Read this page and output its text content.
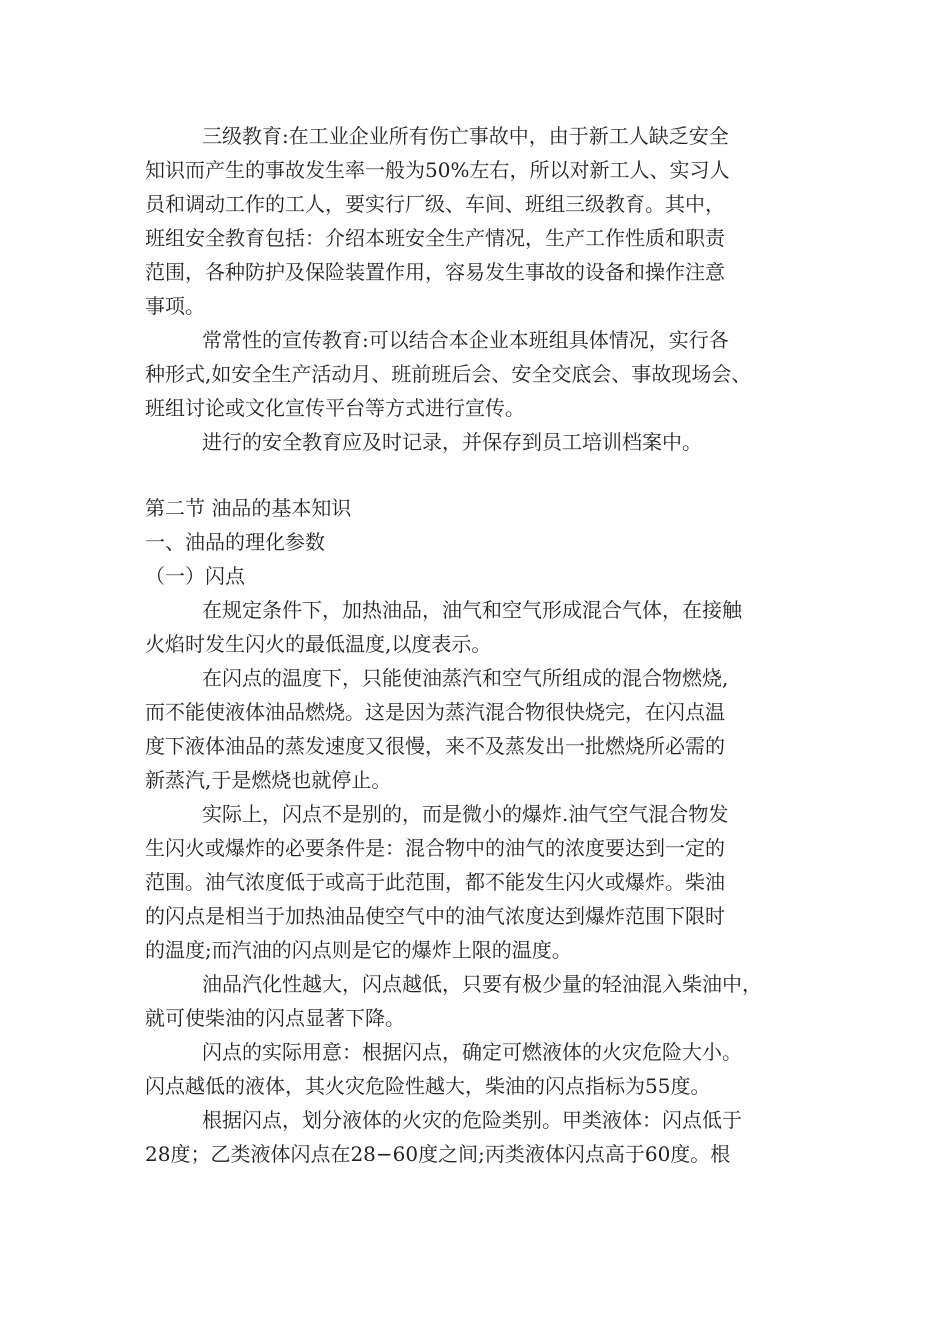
三级教育:在工业企业所有伤亡事故中，由于新工人缺乏安全
知识而产生的事故发生率一般为50%左右，所以对新工人、实习人
员和调动工作的工人，要实行厂级、车间、班组三级教育。其中，
班组安全教育包括：介绍本班安全生产情况，生产工作性质和职责
范围，各种防护及保险装置作用，容易发生事故的设备和操作注意
事项。
常常性的宣传教育:可以结合本企业本班组具体情况，实行各
种形式,如安全生产活动月、班前班后会、安全交底会、事故现场会、
班组讨论或文化宣传平台等方式进行宣传。
进行的安全教育应及时记录，并保存到员工培训档案中。
第二节 油品的基本知识
一、油品的理化参数
（一）闪点
在规定条件下，加热油品，油气和空气形成混合气体，在接触
火焰时发生闪火的最低温度,以度表示。
在闪点的温度下，只能使油蒸汽和空气所组成的混合物燃烧,
而不能使液体油品燃烧。这是因为蒸汽混合物很快烧完，在闪点温
度下液体油品的蒸发速度又很慢，来不及蒸发出一批燃烧所必需的
新蒸汽,于是燃烧也就停止。
实际上，闪点不是别的，而是微小的爆炸.油气空气混合物发
生闪火或爆炸的必要条件是：混合物中的油气的浓度要达到一定的
范围。油气浓度低于或高于此范围，都不能发生闪火或爆炸。柴油
的闪点是相当于加热油品使空气中的油气浓度达到爆炸范围下限时
的温度;而汽油的闪点则是它的爆炸上限的温度。
油品汽化性越大，闪点越低，只要有极少量的轻油混入柴油中，
就可使柴油的闪点显著下降。
闪点的实际用意：根据闪点，确定可燃液体的火灾危险大小。
闪点越低的液体，其火灾危险性越大，柴油的闪点指标为55度。
根据闪点，划分液体的火灾的危险类别。甲类液体：闪点低于
28度；乙类液体闪点在28−60度之间;丙类液体闪点高于60度。根
